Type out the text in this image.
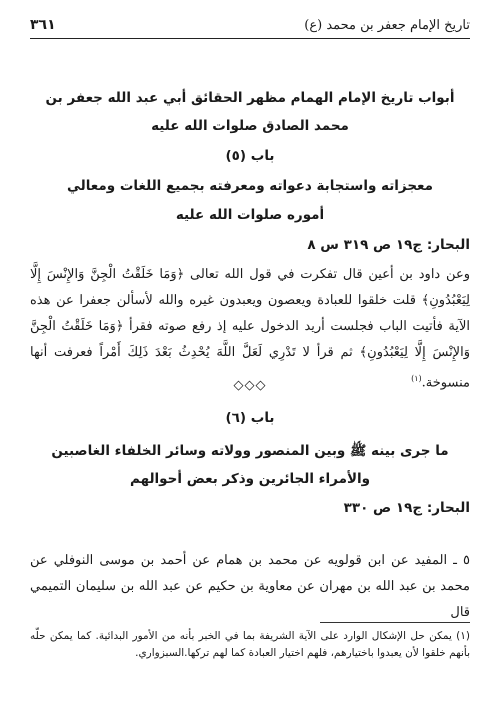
تاريخ الإمام جعفر بن محمد (ع)
٣٦١

أبواب تاريخ الإمام الهمام مظهر الحقائق أبي عبد الله جعفر بن

محمد الصادق صلوات الله عليه

باب (٥)

معجزاته واستجابة دعواته ومعرفته بجميع اللغات ومعالي

أموره صلوات الله عليه

البحار: ج١٩ ص ٣١٩ س ٨

وعن داود بن أعين قال تفكرت في قول الله تعالى ﴿وَمَا خَلَقْتُ الْجِنَّ وَالإِنْسَ إِلَّا لِيَعْبُدُونِ﴾ قلت خلقوا للعبادة ويعصون ويعبدون غيره والله لأسألن جعفرا عن هذه الآية فأتيت الباب فجلست أريد الدخول عليه إذ رفع صوته فقرأ ﴿وَمَا خَلَقْتُ الْجِنَّ وَالإِنْسَ إِلَّا لِيَعْبُدُونِ﴾ ثم قرأ لا تَدْرِي لَعَلَّ اللَّهَ يُحْدِثُ بَعْدَ ذَلِكَ أَمْراً فعرفت أنها منسوخة.$^{(١)}$

◇◇◇

باب (٦)

ما جرى بينه ﷺ وبين المنصور وولاته وسائر الخلفاء الغاصبين

والأمراء الجائرين وذكر بعض أحوالهم

البحار: ج١٩ ص ٣٣٠

٥ ـ المفيد عن ابن قولويه عن محمد بن همام عن أحمد بن موسى النوفلي عن محمد بن عبد الله بن مهران عن معاوية بن حكيم عن عبد الله بن سليمان التميمي قال

(١) يمكن حل الإشكال الوارد على الآية الشريفة بما في الخبر بأنه من الأمور البدائية. كما يمكن حلّه بأنهم خلقوا لأن يعبدوا باختيارهم، فلهم اختيار العبادة كما لهم تركها.السبزواري.
